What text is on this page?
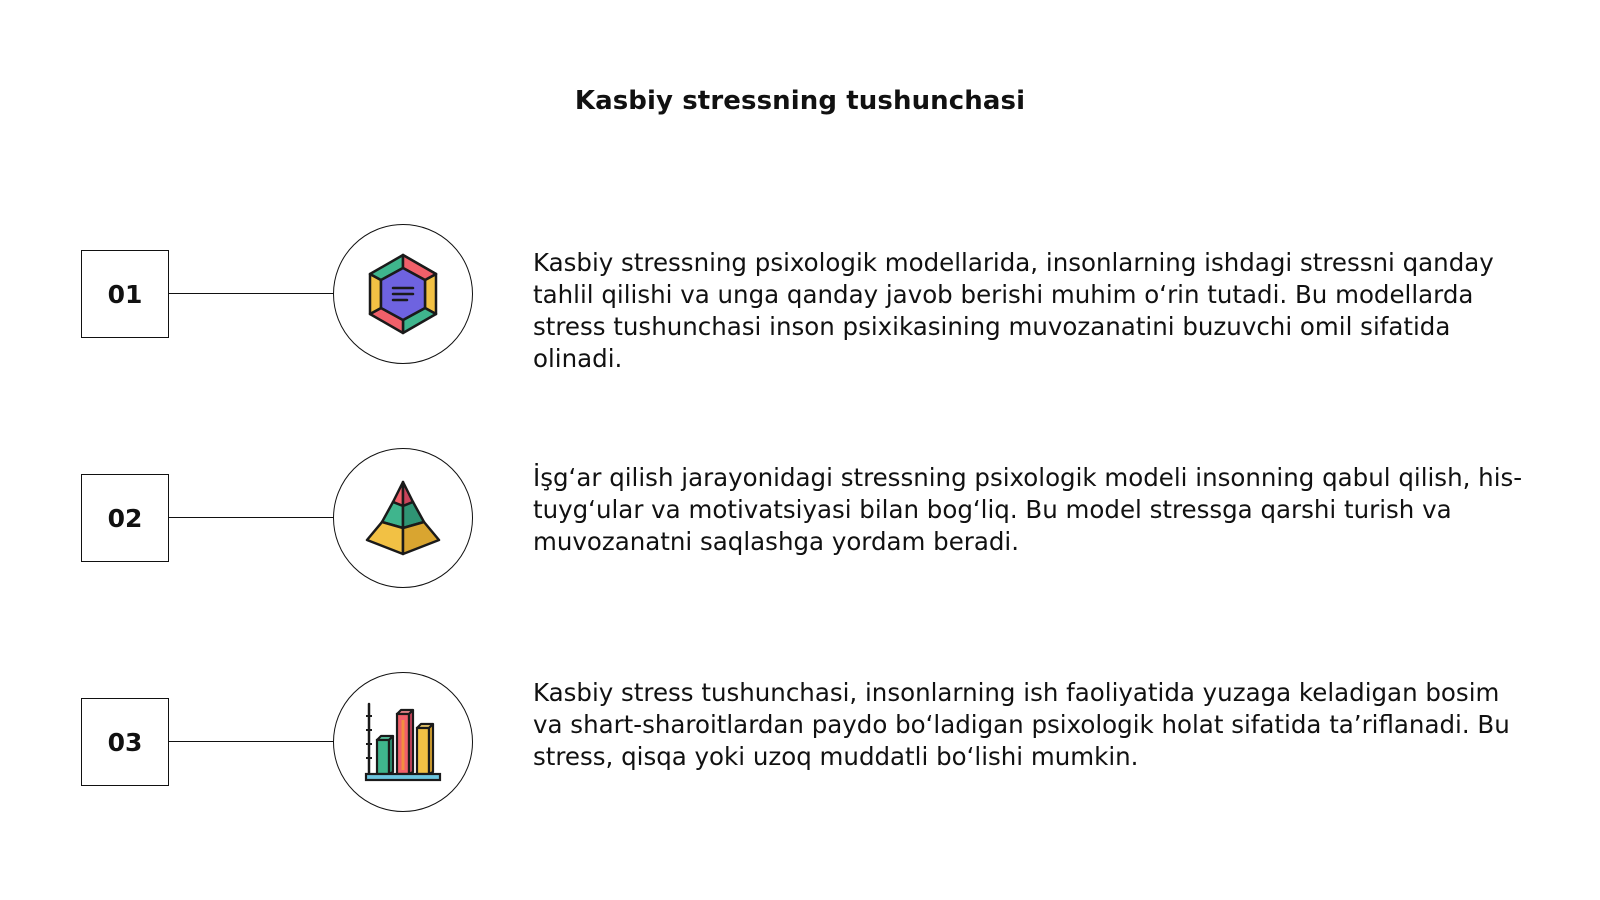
Kasbiy stressning tushunchasi
01

Kasbiy stressning psixologik modellarida, insonlarning ishdagi stressni qanday tahlil qilishi va unga qanday javob berishi muhim oʻrin tutadi. Bu modellarda stress tushunchasi inson psixikasining muvozanatini buzuvchi omil sifatida olinadi.

02

İşgʻar qilish jarayonidagi stressning psixologik modeli insonning qabul qilish, his-tuygʻular va motivatsiyasi bilan bogʻliq. Bu model stressga qarshi turish va muvozanatni saqlashga yordam beradi.

03

Kasbiy stress tushunchasi, insonlarning ish faoliyatida yuzaga keladigan bosim va shart-sharoitlardan paydo boʻladigan psixologik holat sifatida ta’riflanadi. Bu stress, qisqa yoki uzoq muddatli boʻlishi mumkin.
